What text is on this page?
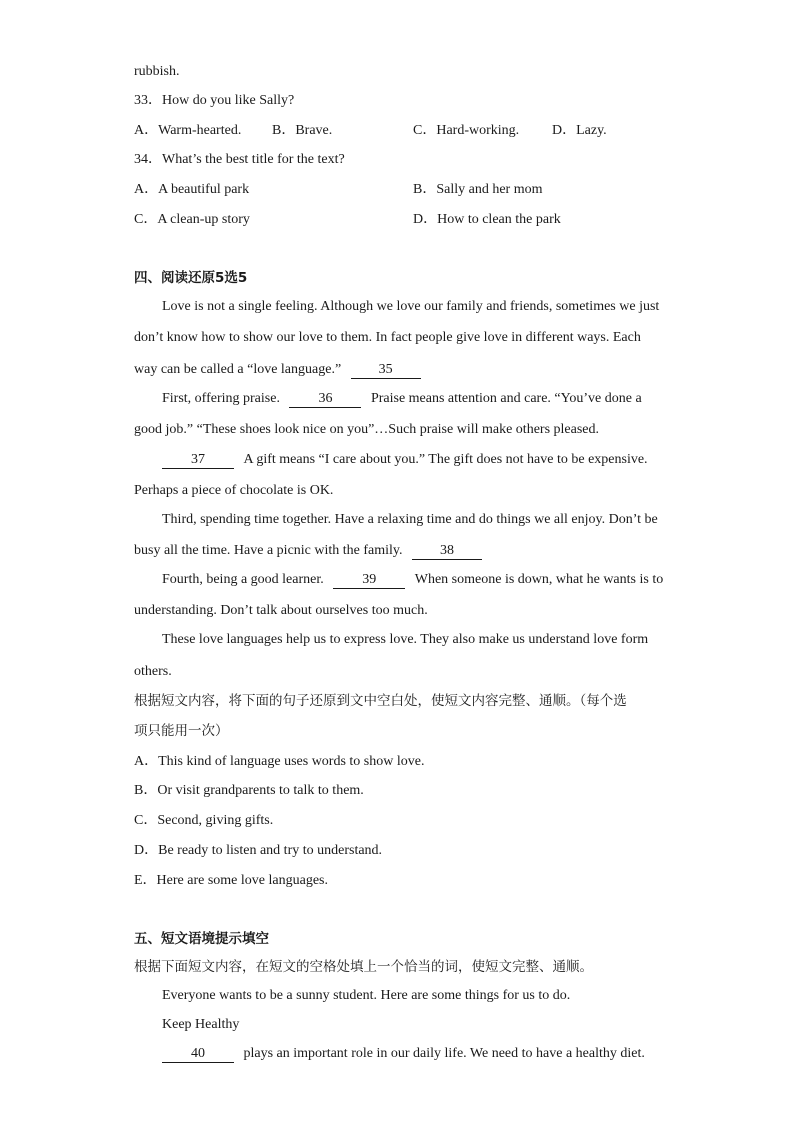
rubbish.
33．How do you like Sally?
A．Warm-hearted. B．Brave.	C．Hard-working. D．Lazy.
34．What’s the best title for the text?
A．A beautiful park	B．Sally and her mom
C．A clean-up story	D．How to clean the park
四、阅读还原5选5
Love is not a single feeling. Although we love our family and friends, sometimes we just
don’t know how to show our love to them. In fact people give love in different ways. Each
way can be called a “love language.”	35
First, offering praise.	36	Praise means attention and care. “You’ve done a
good job.” “These shoes look nice on you”…Such praise will make others pleased.
37	A gift means “I care about you.” The gift does not have to be expensive.
Perhaps a piece of chocolate is OK.
Third, spending time together. Have a relaxing time and do things we all enjoy. Don’t be
busy all the time. Have a picnic with the family.	38
Fourth, being a good learner.	39	When someone is down, what he wants is to
understanding. Don’t talk about ourselves too much.
These love languages help us to express love. They also make us understand love form
others.
根据短文内容，将下面的句子还原到文中空白处，使短文内容完整、通顺。（每个选
项只能用一次）
A．This kind of language uses words to show love.
B．Or visit grandparents to talk to them.
C．Second, giving gifts.
D．Be ready to listen and try to understand.
E．Here are some love languages.
五、短文语境提示填空
根据下面短文内容，在短文的空格处填上一个恰当的词，使短文完整、通顺。
Everyone wants to be a sunny student. Here are some things for us to do.
Keep Healthy
40	plays an important role in our daily life. We need to have a healthy diet.
